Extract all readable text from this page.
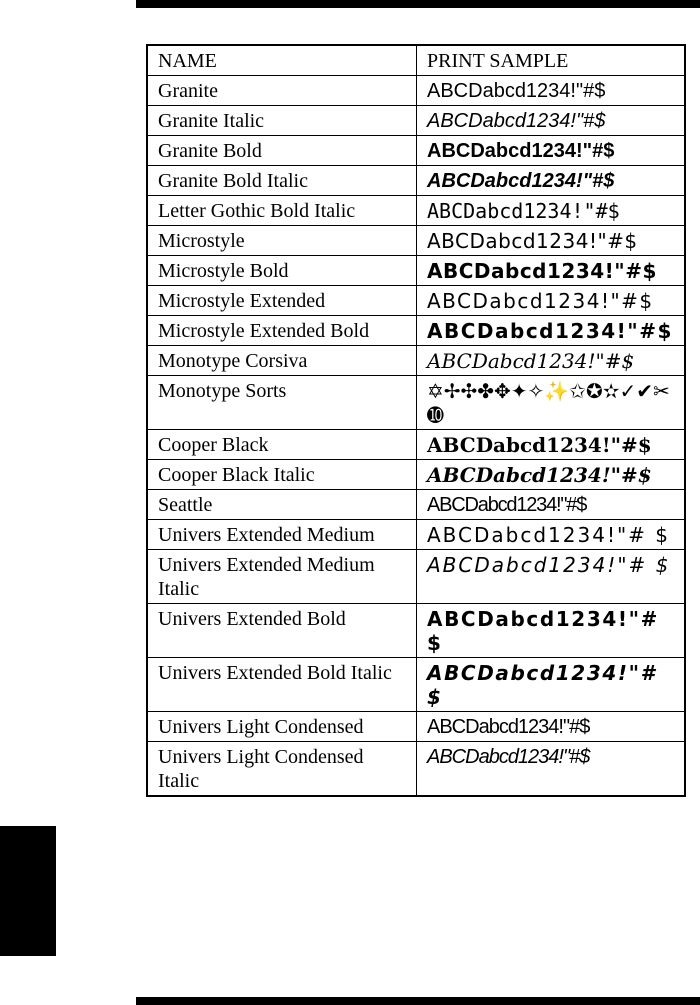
NAME	PRINT SAMPLE
Granite	ABCDabcd1234!"#$
Granite Italic	ABCDabcd1234!"#$
Granite Bold	ABCDabcd1234!"#$
Granite Bold Italic	ABCDabcd1234!"#$
Letter Gothic Bold Italic	ABCDabcd1234!"#$
Microstyle	ABCDabcd1234!"#$
Microstyle Bold	ABCDabcd1234!"#$
Microstyle Extended	ABCDabcd1234!"#$
Microstyle Extended Bold	ABCDabcd1234!"#$
Monotype Corsiva	ABCDabcd1234!"#$
Monotype Sorts	✡✢✣✤✥✦✧✨✩✪✫✓✔✂➓
Cooper Black	ABCDabcd1234!"#$
Cooper Black Italic	ABCDabcd1234!"#$
Seattle	ABCDabcd1234!"#$
Univers Extended Medium	ABCDabcd1234!"# $
Univers Extended Medium Italic	ABCDabcd1234!"# $
Univers Extended Bold	ABCDabcd1234!"# $
Univers Extended Bold Italic	ABCDabcd1234!"# $
Univers Light Condensed	ABCDabcd1234!"#$
Univers Light Condensed Italic	ABCDabcd1234!"#$
